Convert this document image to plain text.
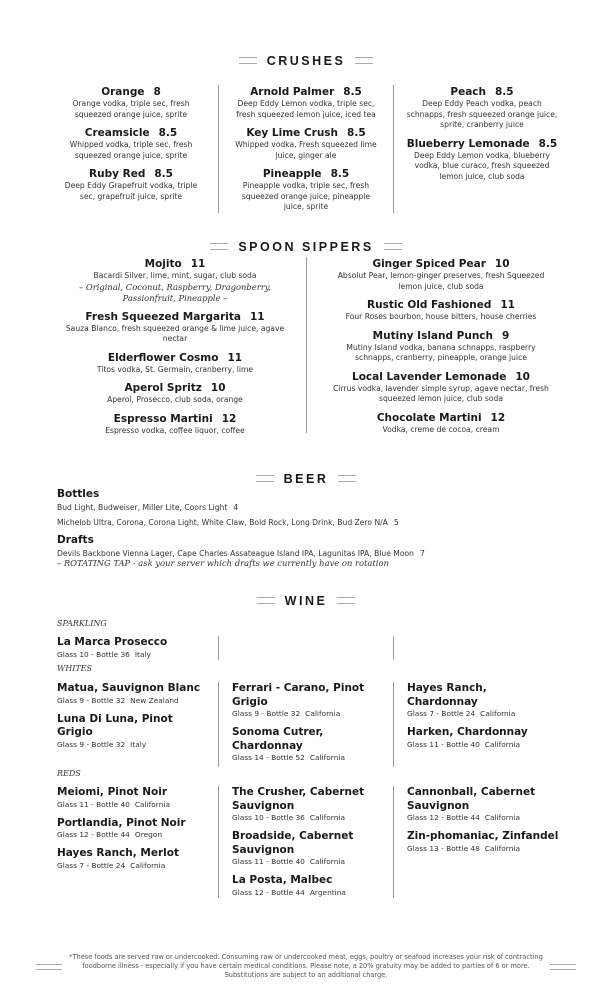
CRUSHES
Orange 8
Orange vodka, triple sec, fresh squeezed orange juice, sprite
Creamsicle 8.5
Whipped vodka, triple sec, fresh squeezed orange juice, sprite
Ruby Red 8.5
Deep Eddy Grapefruit vodka, triple sec, grapefruit juice, sprite
Arnold Palmer 8.5
Deep Eddy Lemon vodka, triple sec, fresh squeezed lemon juice, iced tea
Key Lime Crush 8.5
Whipped vodka, Fresh squeezed lime juice, ginger ale
Pineapple 8.5
Pineapple vodka, triple sec, fresh squeezed orange juice, pineapple juice, sprite
Peach 8.5
Deep Eddy Peach vodka, peach schnapps, fresh squeezed orange juice, sprite, cranberry juice
Blueberry Lemonade 8.5
Deep Eddy Lemon vodka, blueberry vodka, blue curaco, fresh squeezed lemon juice, club soda
SPOON SIPPERS
Mojito 11
Bacardi Silver, lime, mint, sugar, club soda
– Original, Coconut, Raspberry, Dragonberry, Passionfruit, Pineapple –
Fresh Squeezed Margarita 11
Sauza Blanco, fresh squeezed orange & lime juice, agave nectar
Elderflower Cosmo 11
Titos vodka, St. Germain, cranberry, lime
Aperol Spritz 10
Aperol, Prosecco, club soda, orange
Espresso Martini 12
Espresso vodka, coffee liquor, coffee
Ginger Spiced Pear 10
Absolut Pear, lemon-ginger preserves, fresh Squeezed lemon juice, club soda
Rustic Old Fashioned 11
Four Roses bourbon, house bitters, house cherries
Mutiny Island Punch 9
Mutiny Island vodka, banana schnapps, raspberry schnapps, cranberry, pineapple, orange juice
Local Lavender Lemonade 10
Cirrus vodka, lavender simple syrup, agave nectar, fresh squeezed lemon juice, club soda
Chocolate Martini 12
Vodka, creme de cocoa, cream
BEER
Bottles
Bud Light, Budweiser, Miller Lite, Coors Light 4
Michelob Ultra, Corona, Corona Light, White Claw, Bold Rock, Long Drink, Bud Zero N/A 5
Drafts
Devils Backbone Vienna Lager, Cape Charles Assateague Island IPA, Lagunitas IPA, Blue Moon 7
– ROTATING TAP - ask your server which drafts we currently have on rotation
WINE
SPARKLING
La Marca Prosecco
Glass 10 - Bottle 36 Italy
WHITES
Matua, Sauvignon Blanc
Glass 9 - Bottle 32 New Zealand
Luna Di Luna, Pinot Grigio
Glass 9 - Bottle 32 Italy
Ferrari - Carano, Pinot Grigio
Glass 9 - Bottle 32 California
Sonoma Cutrer, Chardonnay
Glass 14 - Bottle 52 California
Hayes Ranch, Chardonnay
Glass 7 - Bottle 24 California
Harken, Chardonnay
Glass 11 - Bottle 40 California
REDS
Meiomi, Pinot Noir
Glass 11 - Bottle 40 California
Portlandia, Pinot Noir
Glass 12 - Bottle 44 Oregon
Hayes Ranch, Merlot
Glass 7 - Bottle 24 California
The Crusher, Cabernet Sauvignon
Glass 10 - Bottle 36 California
Broadside, Cabernet Sauvignon
Glass 11 - Bottle 40 California
La Posta, Malbec
Glass 12 - Bottle 44 Argentina
Cannonball, Cabernet Sauvignon
Glass 12 - Bottle 44 California
Zin-phomaniac, Zinfandel
Glass 13 - Bottle 48 California
*These foods are served raw or undercooked. Consuming raw or undercooked meat, eggs, poultry or seafood increases your risk of contracting foodborne illness - especially if you have certain medical conditions. Please note, a 20% gratuity may be added to parties of 6 or more. Substitutions are subject to an additional charge.
